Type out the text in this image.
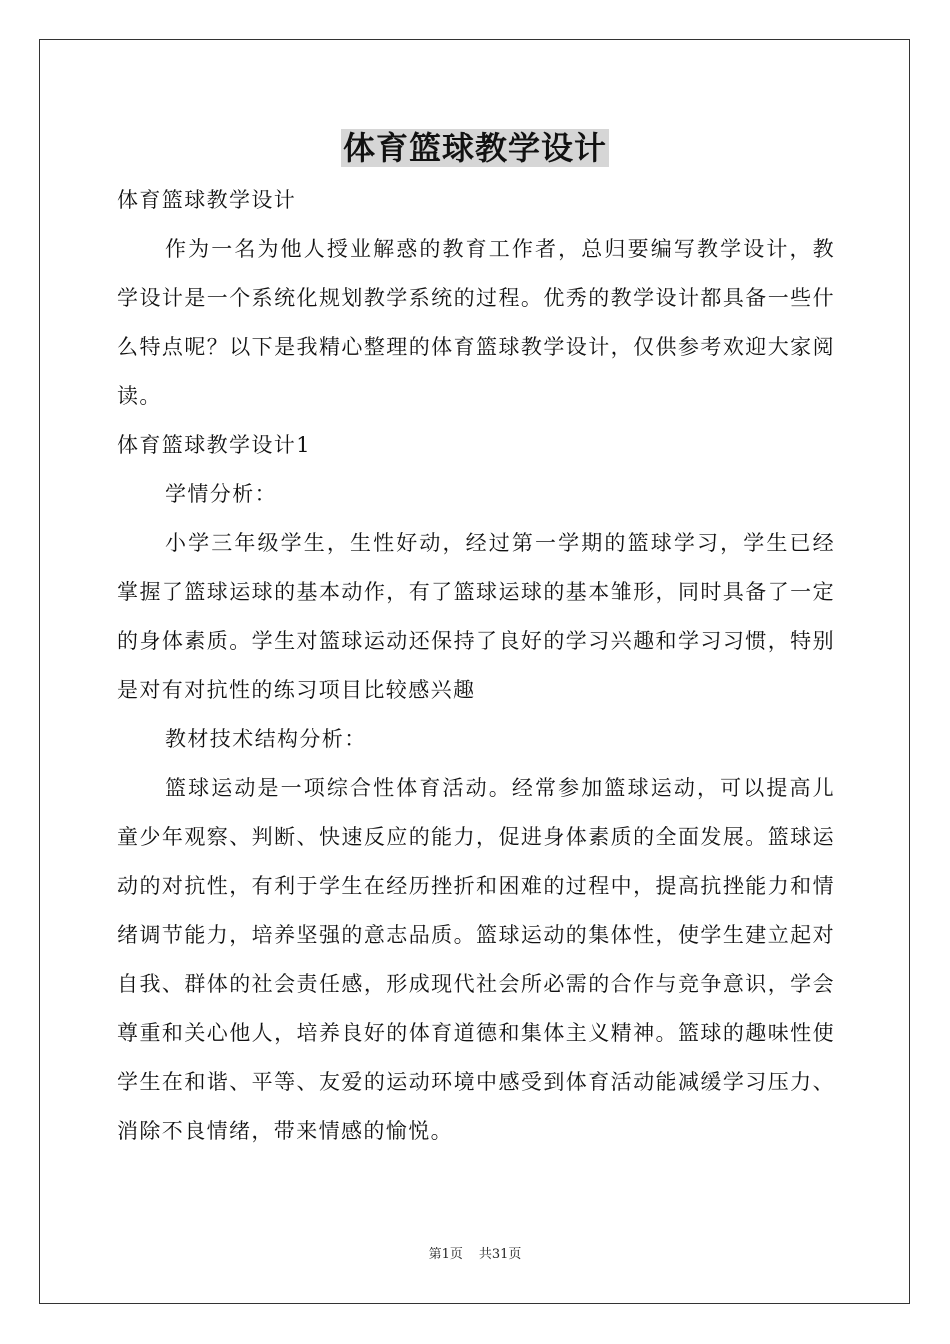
体育篮球教学设计

体育篮球教学设计

作为一名为他人授业解惑的教育工作者，总归要编写教学设计，教学设计是一个系统化规划教学系统的过程。优秀的教学设计都具备一些什么特点呢？以下是我精心整理的体育篮球教学设计，仅供参考欢迎大家阅读。

体育篮球教学设计1

学情分析：

小学三年级学生，生性好动，经过第一学期的篮球学习，学生已经掌握了篮球运球的基本动作，有了篮球运球的基本雏形，同时具备了一定的身体素质。学生对篮球运动还保持了良好的学习兴趣和学习习惯，特别是对有对抗性的练习项目比较感兴趣

教材技术结构分析：

篮球运动是一项综合性体育活动。经常参加篮球运动，可以提高儿童少年观察、判断、快速反应的能力，促进身体素质的全面发展。篮球运动的对抗性，有利于学生在经历挫折和困难的过程中，提高抗挫能力和情绪调节能力，培养坚强的意志品质。篮球运动的集体性，使学生建立起对自我、群体的社会责任感，形成现代社会所必需的合作与竞争意识，学会尊重和关心他人，培养良好的体育道德和集体主义精神。篮球的趣味性使学生在和谐、平等、友爱的运动环境中感受到体育活动能减缓学习压力、消除不良情绪，带来情感的愉悦。

第1页 共31页
